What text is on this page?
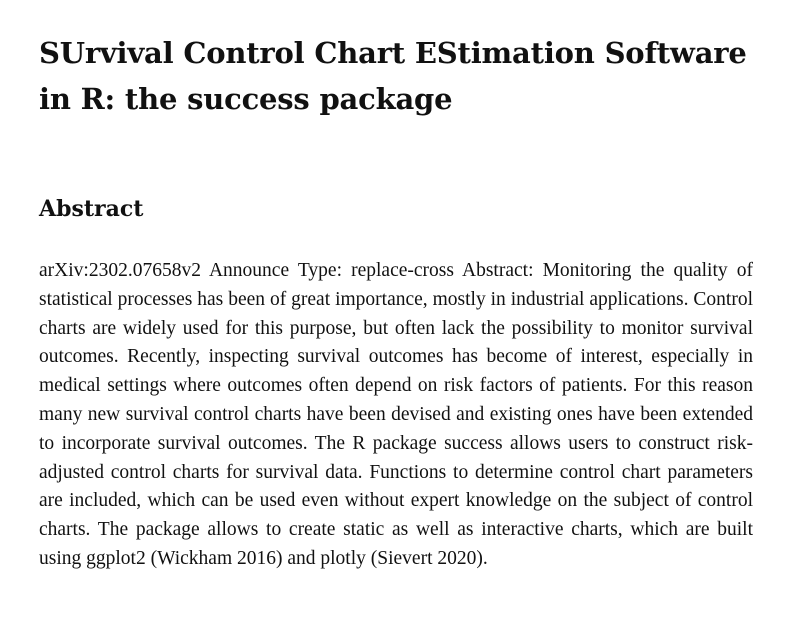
SUrvival Control Chart EStimation Software in R: the success package
Abstract

arXiv:2302.07658v2 Announce Type: replace-cross Abstract: Monitoring the quality of statistical processes has been of great importance, mostly in industrial applications. Control charts are widely used for this purpose, but often lack the possibility to monitor survival outcomes. Recently, inspecting survival outcomes has become of interest, especially in medical settings where outcomes often depend on risk factors of patients. For this reason many new survival control charts have been devised and existing ones have been extended to incorporate survival outcomes. The R package success allows users to construct risk-adjusted control charts for survival data. Functions to determine control chart parameters are included, which can be used even without expert knowledge on the subject of control charts. The package allows to create static as well as interactive charts, which are built using ggplot2 (Wickham 2016) and plotly (Sievert 2020).
